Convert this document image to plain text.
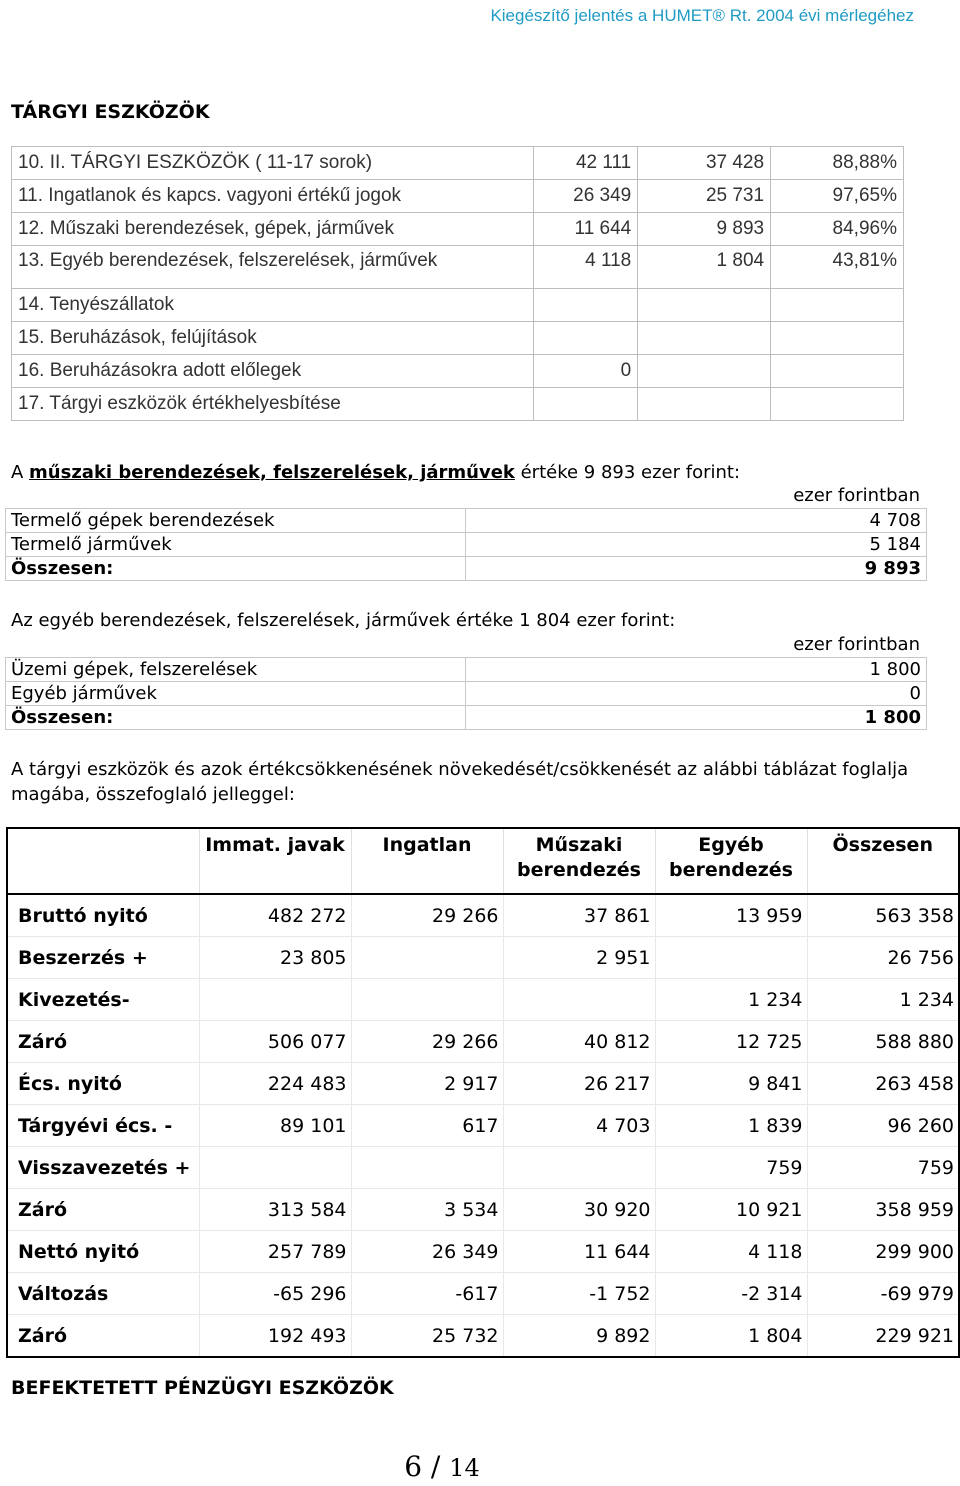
Kiegészítő jelentés a HUMET® Rt. 2004 évi mérlegéhez
TÁRGYI ESZKÖZÖK
10. II. TÁRGYI ESZKÖZÖK ( 11-17 sorok)	42 111	37 428	88,88%
11. Ingatlanok és kapcs. vagyoni értékű jogok	26 349	25 731	97,65%
12. Műszaki berendezések, gépek, járművek	11 644	9 893	84,96%
13. Egyéb berendezések, felszerelések, járművek	4 118	1 804	43,81%
14. Tenyészállatok			
15. Beruházások, felújítások			
16. Beruházásokra adott előlegek	0		
17. Tárgyi eszközök értékhelyesbítése			
A műszaki berendezések, felszerelések, járművek értéke 9 893 ezer forint:
ezer forintban
Termelő gépek berendezések	4 708
Termelő járművek	5 184
Összesen:	9 893
Az egyéb berendezések, felszerelések, járművek értéke 1 804 ezer forint:
ezer forintban
Üzemi gépek, felszerelések	1 800
Egyéb járművek	0
Összesen:	1 800
A tárgyi eszközök és azok értékcsökkenésének növekedését/csökkenését az alábbi táblázat foglalja magába, összefoglaló jelleggel:
	Immat. javak	Ingatlan	Műszaki berendezés	Egyéb berendezés	Összesen
Bruttó nyitó	482 272	29 266	37 861	13 959	563 358
Beszerzés +	23 805		2 951		26 756
Kivezetés-				1 234	1 234
Záró	506 077	29 266	40 812	12 725	588 880
Écs. nyitó	224 483	2 917	26 217	9 841	263 458
Tárgyévi écs. -	89 101	617	4 703	1 839	96 260
Visszavezetés +				759	759
Záró	313 584	3 534	30 920	10 921	358 959
Nettó nyitó	257 789	26 349	11 644	4 118	299 900
Változás	-65 296	-617	-1 752	-2 314	-69 979
Záró	192 493	25 732	9 892	1 804	229 921
BEFEKTETETT PÉNZÜGYI ESZKÖZÖK
6 / 14
